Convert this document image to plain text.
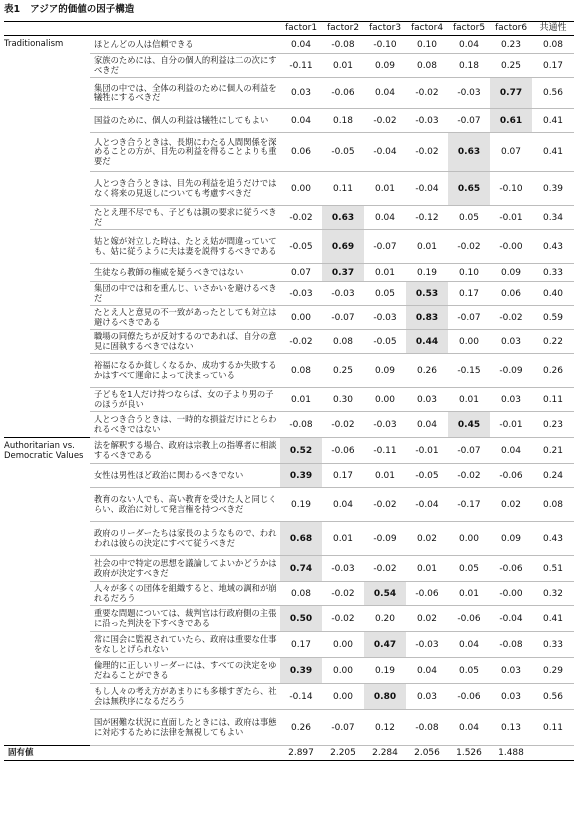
表1 アジア的価値の因子構造
		factor1	factor2	factor3	factor4	factor5	factor6	共通性
Traditionalism	ほとんどの人は信頼できる	0.04	-0.08	-0.10	0.10	0.04	0.23	0.08
	家族のためには、自分の個人的利益は二の次にすべきだ	-0.11	0.01	0.09	0.08	0.18	0.25	0.17
	集団の中では、全体の利益のために個人の利益を犠牲にするべきだ	0.03	-0.06	0.04	-0.02	-0.03	0.77	0.56
	国益のために、個人の利益は犠牲にしてもよい	0.04	0.18	-0.02	-0.03	-0.07	0.61	0.41
	人とつき合うときは、長期にわたる人間関係を深めることの方が、目先の利益を得ることよりも重要だ	0.06	-0.05	-0.04	-0.02	0.63	0.07	0.41
	人とつき合うときは、目先の利益を追うだけではなく将来の見返しについても考慮すべきだ	0.00	0.11	0.01	-0.04	0.65	-0.10	0.39
	たとえ理不尽でも、子どもは親の要求に従うべきだ	-0.02	0.63	0.04	-0.12	0.05	-0.01	0.34
	姑と嫁が対立した時は、たとえ姑が間違っていても、姑に従うように夫は妻を説得するべきである	-0.05	0.69	-0.07	0.01	-0.02	-0.00	0.43
	生徒なら教師の権威を疑うべきではない	0.07	0.37	0.01	0.19	0.10	0.09	0.33
	集団の中では和を重んじ、いさかいを避けるべきだ	-0.03	-0.03	0.05	0.53	0.17	0.06	0.40
	たとえ人と意見の不一致があったとしても対立は避けるべきである	0.00	-0.07	-0.03	0.83	-0.07	-0.02	0.59
	職場の同僚たちが反対するのであれば、自分の意見に固執するべきではない	-0.02	0.08	-0.05	0.44	0.00	0.03	0.22
	裕福になるか貧しくなるか、成功するか失敗するかはすべて運命によって決まっている	0.08	0.25	0.09	0.26	-0.15	-0.09	0.26
	子どもを1人だけ持つならば、女の子より男の子のほうが良い	0.01	0.30	0.00	0.03	0.01	0.03	0.11
	人とつき合うときは、一時的な損益だけにとらわれるべきではない	-0.08	-0.02	-0.03	0.04	0.45	-0.01	0.23
Authoritarian vs. Democratic Values	法を解釈する場合、政府は宗教上の指導者に相談するべきである	0.52	-0.06	-0.11	-0.01	-0.07	0.04	0.21
	女性は男性ほど政治に関わるべきでない	0.39	0.17	0.01	-0.05	-0.02	-0.06	0.24
	教育のない人でも、高い教育を受けた人と同じくらい、政治に対して発言権を持つべきだ	0.19	0.04	-0.02	-0.04	-0.17	0.02	0.08
	政府のリーダーたちは家長のようなもので、われわれは彼らの決定にすべて従うべきだ	0.68	0.01	-0.09	0.02	0.00	0.09	0.43
	社会の中で特定の思想を議論してよいかどうかは政府が決定すべきだ	0.74	-0.03	-0.02	0.01	0.05	-0.06	0.51
	人々が多くの団体を組織すると、地域の調和が崩れるだろう	0.08	-0.02	0.54	-0.06	0.01	-0.00	0.32
	重要な問題については、裁判官は行政府側の主張に沿った判決を下すべきである	0.50	-0.02	0.20	0.02	-0.06	-0.04	0.41
	常に国会に監視されていたら、政府は重要な仕事をなしとげられない	0.17	0.00	0.47	-0.03	0.04	-0.08	0.33
	倫理的に正しいリーダーには、すべての決定をゆだねることができる	0.39	0.00	0.19	0.04	0.05	0.03	0.29
	もし人々の考え方があまりにも多様すぎたら、社会は無秩序になるだろう	-0.14	0.00	0.80	0.03	-0.06	0.03	0.56
	国が困難な状況に直面したときには、政府は事態に対応するために法律を無視してもよい	0.26	-0.07	0.12	-0.08	0.04	0.13	0.11
固有値		2.897	2.205	2.284	2.056	1.526	1.488	
